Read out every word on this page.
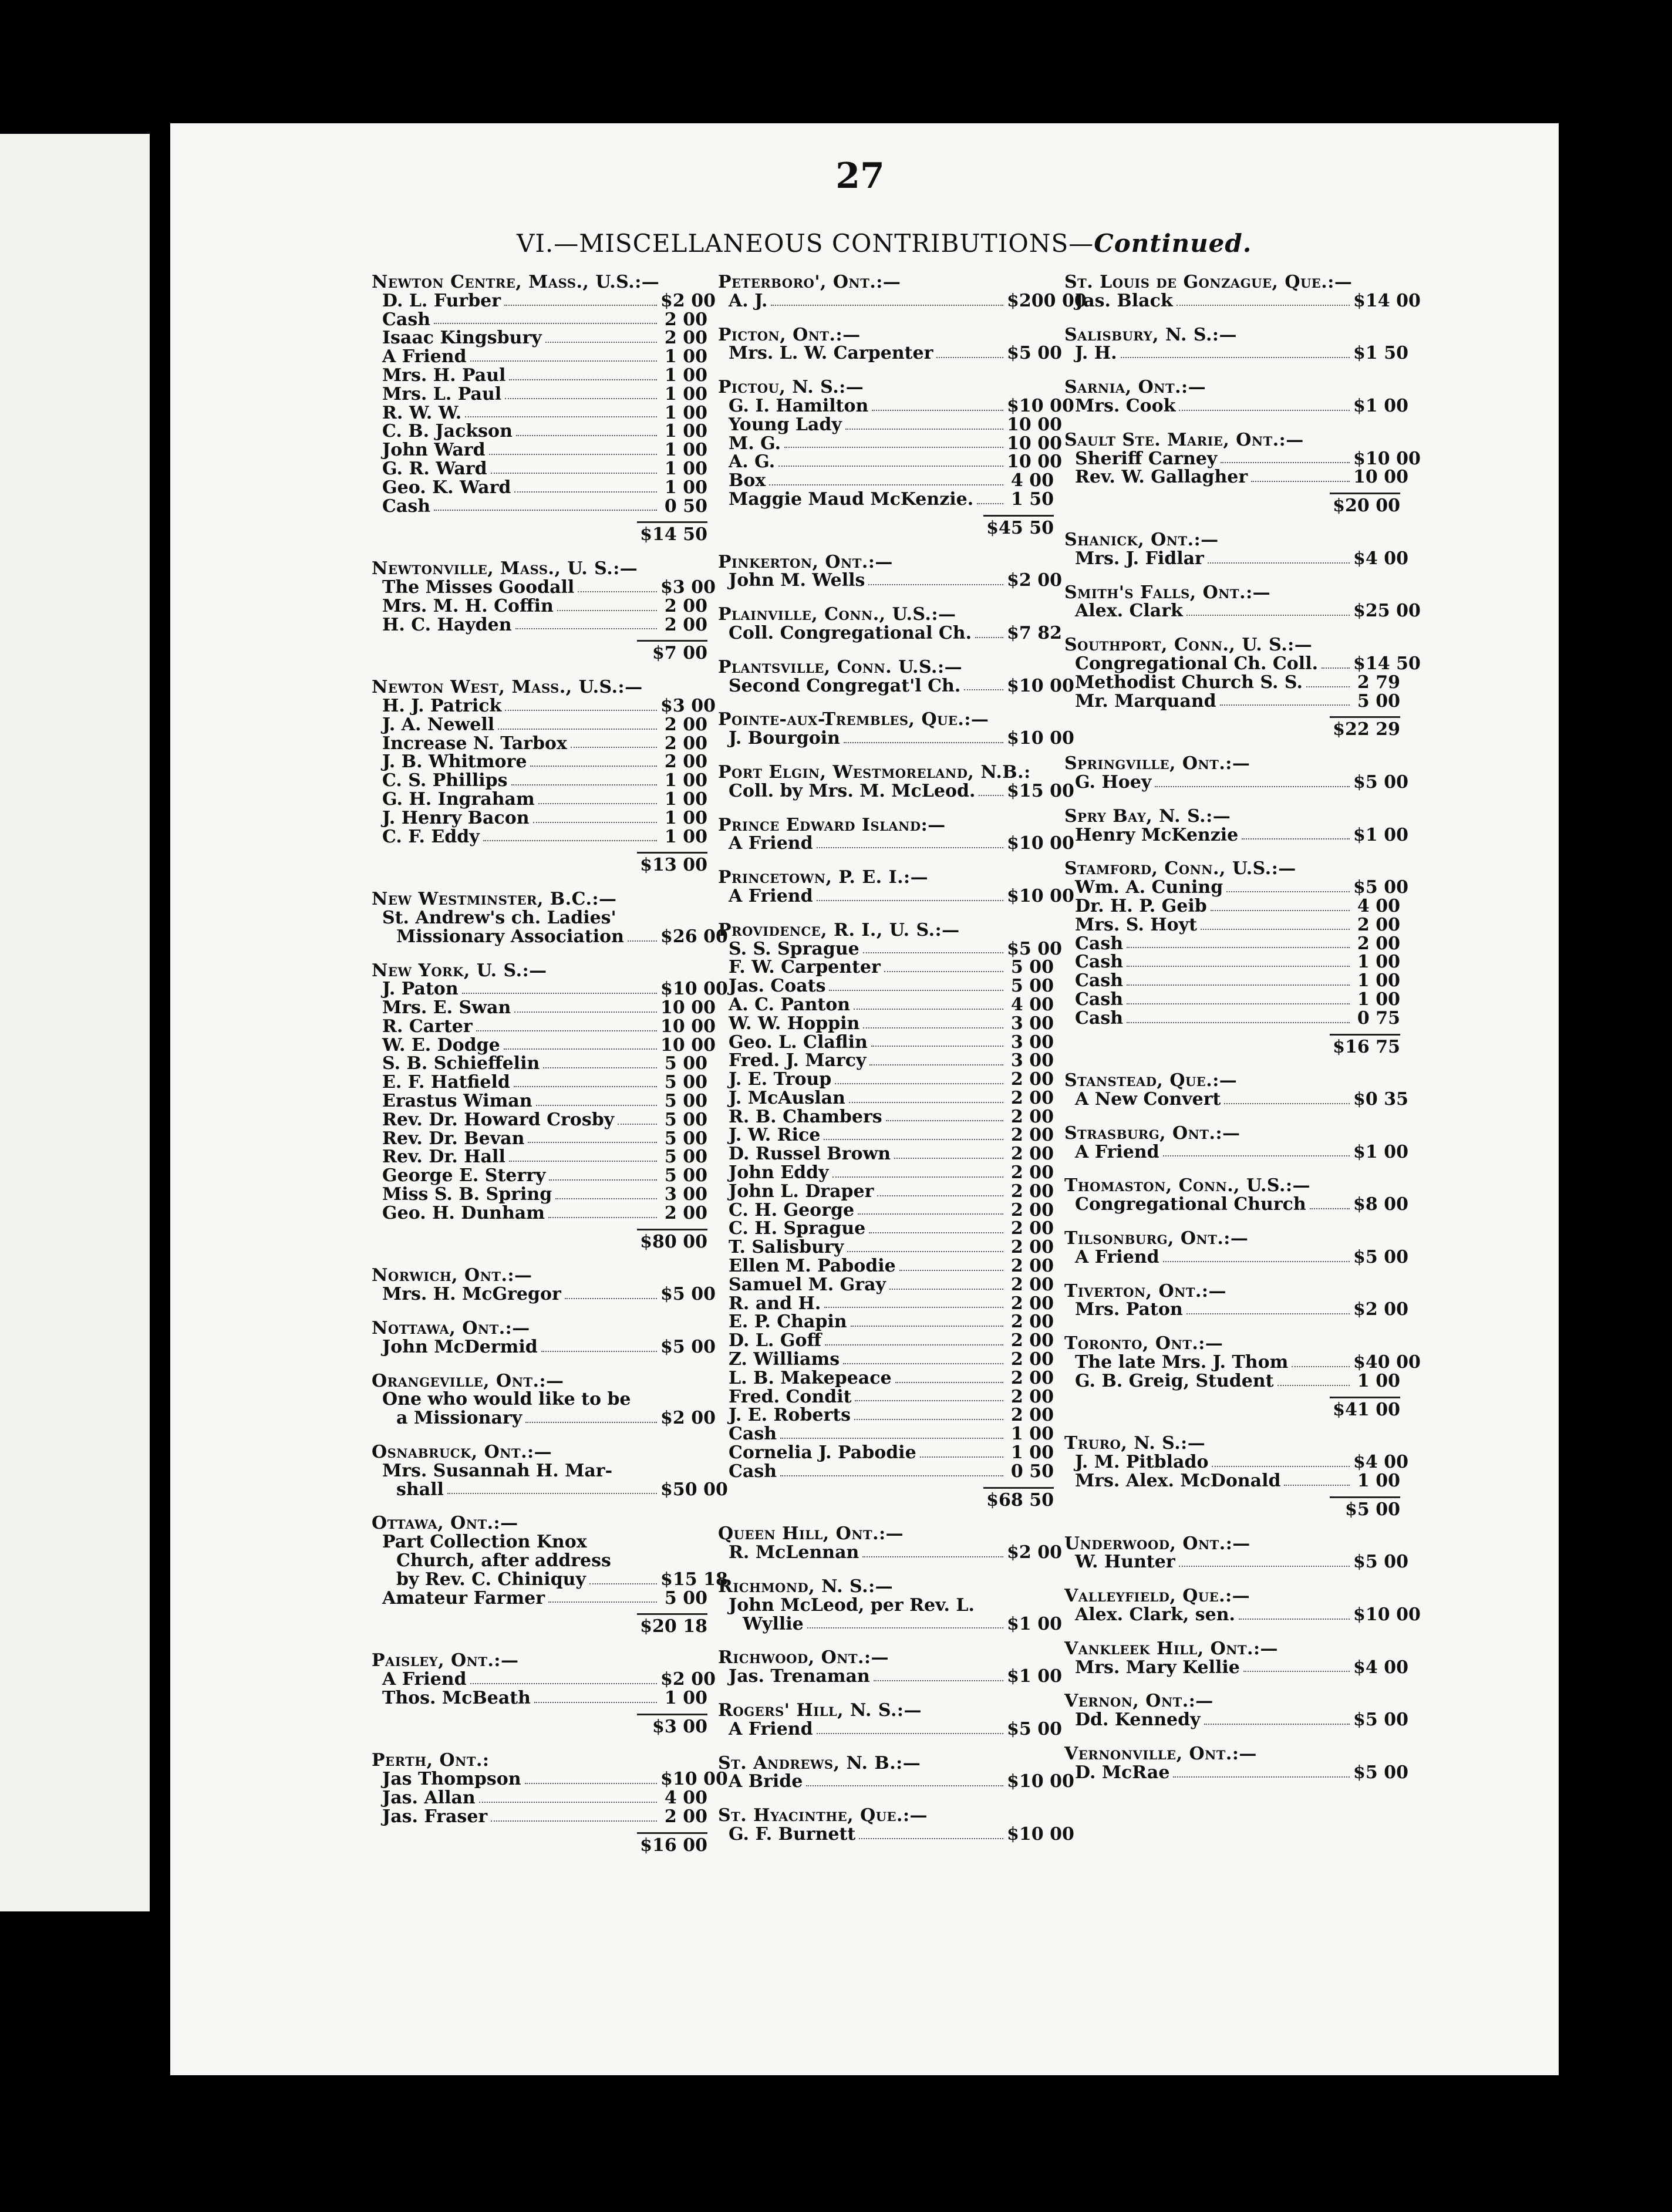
27
VI.—MISCELLANEOUS CONTRIBUTIONS—Continued.
Newton Centre, Mass., U.S.:—
D. L. Furber	$2 00
Cash	2 00
Isaac Kingsbury	2 00
A Friend	1 00
Mrs. H. Paul	1 00
Mrs. L. Paul	1 00
R. W. W.	1 00
C. B. Jackson	1 00
John Ward	1 00
G. R. Ward	1 00
Geo. K. Ward	1 00
Cash	0 50
$14 50
Newtonville, Mass., U. S.:—
The Misses Goodall	$3 00
Mrs. M. H. Coffin	2 00
H. C. Hayden	2 00
$7 00
Newton West, Mass., U.S.:—
H. J. Patrick	$3 00
J. A. Newell	2 00
Increase N. Tarbox	2 00
J. B. Whitmore	2 00
C. S. Phillips	1 00
G. H. Ingraham	1 00
J. Henry Bacon	1 00
C. F. Eddy	1 00
$13 00
New Westminster, B.C.:—
St. Andrew's ch. Ladies'
Missionary Association $26 00
New York, U. S.:—
J. Paton	$10 00
Mrs. E. Swan	10 00
R. Carter	10 00
W. E. Dodge	10 00
S. B. Schieffelin	5 00
E. F. Hatfield	5 00
Erastus Wiman	5 00
Rev. Dr. Howard Crosby	5 00
Rev. Dr. Bevan	5 00
Rev. Dr. Hall	5 00
George E. Sterry	5 00
Miss S. B. Spring	3 00
Geo. H. Dunham	2 00
$80 00
Norwich, Ont.:—
Mrs. H. McGregor	$5 00
Nottawa, Ont.:—
John McDermid	$5 00
Orangeville, Ont.:—
One who would like to be
a Missionary	$2 00
Osnabruck, Ont.:—
Mrs. Susannah H. Mar-
shall	$50 00
Ottawa, Ont.:—
Part Collection Knox
Church, after address
by Rev. C. Chiniquy	$15 18
Amateur Farmer	5 00
$20 18
Paisley, Ont.:—
A Friend	$2 00
Thos. McBeath	1 00
$3 00
Perth, Ont.:
Jas Thompson	$10 00
Jas. Allan	4 00
Jas. Fraser	2 00
$16 00
Peterboro', Ont.:—
A. J.	$200 00
Picton, Ont.:—
Mrs. L. W. Carpenter	$5 00
Pictou, N. S.:—
G. I. Hamilton	$10 00
Young Lady	10 00
M. G.	10 00
A. G.	10 00
Box	4 00
Maggie Maud McKenzie. 1 50
$45 50
Pinkerton, Ont.:—
John M. Wells	$2 00
Plainville, Conn., U.S.:—
Coll. Congregational Ch. $7 82
Plantsville, Conn. U.S.:—
Second Congregat'l Ch.	$10 00
Pointe-aux-Trembles, Que.:—
J. Bourgoin	$10 00
Port Elgin, Westmoreland, N.B.:
Coll. by Mrs. M. McLeod. $15 00
Prince Edward Island:—
A Friend	$10 00
Princetown, P. E. I.:—
A Friend	$10 00
Providence, R. I., U. S.:—
S. S. Sprague	$5 00
F. W. Carpenter	5 00
Jas. Coats	5 00
A. C. Panton	4 00
W. W. Hoppin	3 00
Geo. L. Claflin	3 00
Fred. J. Marcy	3 00
J. E. Troup	2 00
J. McAuslan	2 00
R. B. Chambers	2 00
J. W. Rice	2 00
D. Russel Brown	2 00
John Eddy	2 00
John L. Draper	2 00
C. H. George	2 00
C. H. Sprague	2 00
T. Salisbury	2 00
Ellen M. Pabodie	2 00
Samuel M. Gray	2 00
R. and H.	2 00
E. P. Chapin	2 00
D. L. Goff	2 00
Z. Williams	2 00
L. B. Makepeace	2 00
Fred. Condit	2 00
J. E. Roberts	2 00
Cash	1 00
Cornelia J. Pabodie	1 00
Cash	0 50
$68 50
Queen Hill, Ont.:—
R. McLennan	$2 00
Richmond, N. S.:—
John McLeod, per Rev. L.
Wyllie	$1 00
Richwood, Ont.:—
Jas. Trenaman	$1 00
Rogers' Hill, N. S.:—
A Friend	$5 00
St. Andrews, N. B.:—
A Bride	$10 00
St. Hyacinthe, Que.:—
G. F. Burnett	$10 00
St. Louis de Gonzague, Que.:—
Jas. Black	$14 00
Salisbury, N. S.:—
J. H.	$1 50
Sarnia, Ont.:—
Mrs. Cook	$1 00
Sault Ste. Marie, Ont.:—
Sheriff Carney	$10 00
Rev. W. Gallagher	10 00
$20 00
Shanick, Ont.:—
Mrs. J. Fidlar	$4 00
Smith's Falls, Ont.:—
Alex. Clark	$25 00
Southport, Conn., U. S.:—
Congregational Ch. Coll. $14 50
Methodist Church S. S.	2 79
Mr. Marquand	5 00
$22 29
Springville, Ont.:—
G. Hoey	$5 00
Spry Bay, N. S.:—
Henry McKenzie	$1 00
Stamford, Conn., U.S.:—
Wm. A. Cuning	$5 00
Dr. H. P. Geib	4 00
Mrs. S. Hoyt	2 00
Cash	2 00
Cash	1 00
Cash	1 00
Cash	1 00
Cash	0 75
$16 75
Stanstead, Que.:—
A New Convert	$0 35
Strasburg, Ont.:—
A Friend	$1 00
Thomaston, Conn., U.S.:—
Congregational Church	$8 00
Tilsonburg, Ont.:—
A Friend	$5 00
Tiverton, Ont.:—
Mrs. Paton	$2 00
Toronto, Ont.:—
The late Mrs. J. Thom	$40 00
G. B. Greig, Student	1 00
$41 00
Truro, N. S.:—
J. M. Pitblado	$4 00
Mrs. Alex. McDonald	1 00
$5 00
Underwood, Ont.:—
W. Hunter	$5 00
Valleyfield, Que.:—
Alex. Clark, sen.	$10 00
Vankleek Hill, Ont.:—
Mrs. Mary Kellie	$4 00
Vernon, Ont.:—
Dd. Kennedy	$5 00
Vernonville, Ont.:—
D. McRae	$5 00
